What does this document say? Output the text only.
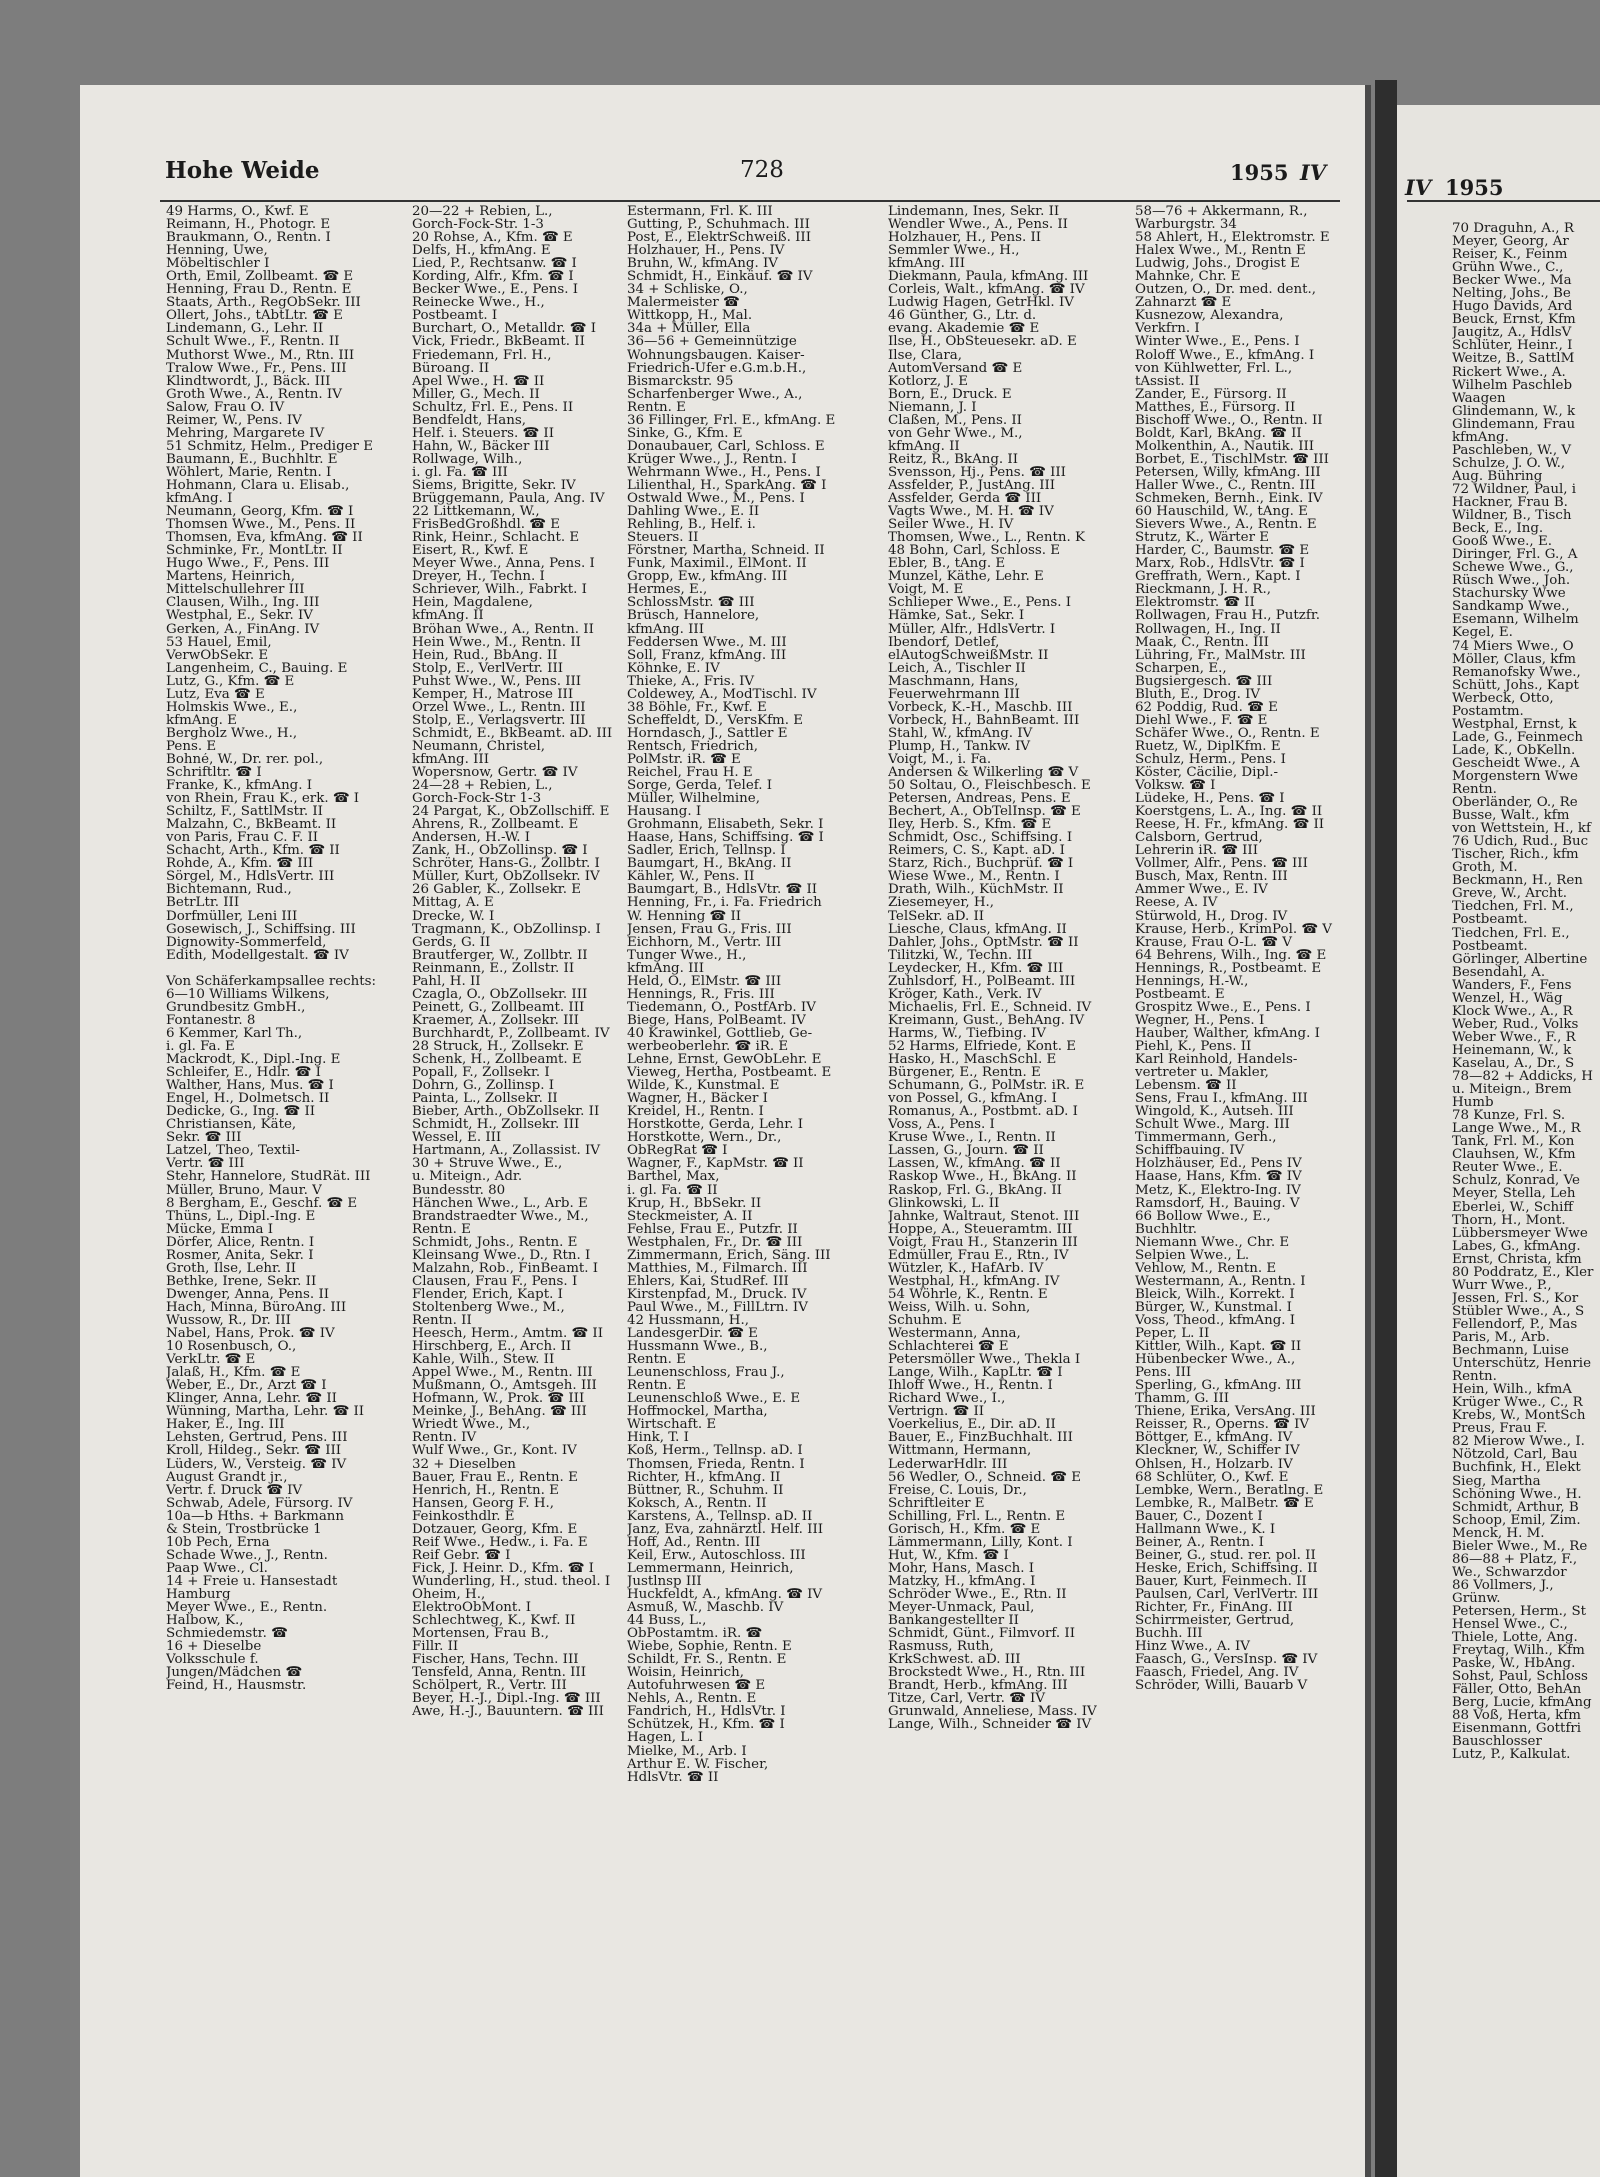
Hohe Weide	728	1955 IV
IV 1955
49 Harms, O., Kwf. E
Reimann, H., Photogr. E
Braukmann, O., Rentn. I
Henning, Uwe,
Möbeltischler I
Orth, Emil, Zollbeamt. ☎ E
Henning, Frau D., Rentn. E
Staats, Arth., RegObSekr. III
Ollert, Johs., tAbtLtr. ☎ E
Lindemann, G., Lehr. II
Schult Wwe., F., Rentn. II
Muthorst Wwe., M., Rtn. III
Tralow Wwe., Fr., Pens. III
Klindtwordt, J., Bäck. III
Groth Wwe., A., Rentn. IV
Salow, Frau O. IV
Reimer, W., Pens. IV
Mehring, Margarete IV
51 Schmitz, Helm., Prediger E
Baumann, E., Buchhltr. E
Wöhlert, Marie, Rentn. I
Hohmann, Clara u. Elisab.,
kfmAng. I
Neumann, Georg, Kfm. ☎ I
Thomsen Wwe., M., Pens. II
Thomsen, Eva, kfmAng. ☎ II
Schminke, Fr., MontLtr. II
Hugo Wwe., F., Pens. III
Martens, Heinrich,
Mittelschullehrer III
Clausen, Wilh., Ing. III
Westphal, E., Sekr. IV
Gerken, A., FinAng. IV
53 Hauel, Emil,
VerwObSekr. E
Langenheim, C., Bauing. E
Lutz, G., Kfm. ☎ E
Lutz, Eva ☎ E
Holmskis Wwe., E.,
kfmAng. E
Bergholz Wwe., H.,
Pens. E
Bohné, W., Dr. rer. pol.,
Schriftltr. ☎ I
Franke, K., kfmAng. I
von Rhein, Frau K., erk. ☎ I
Schiltz, F., SattlMstr. II
Malzahn, C., BkBeamt. II
von Paris, Frau C. F. II
Schacht, Arth., Kfm. ☎ II
Rohde, A., Kfm. ☎ III
Sörgel, M., HdlsVertr. III
Bichtemann, Rud.,
BetrLtr. III
Dorfmüller, Leni III
Gosewisch, J., Schiffsing. III
Dignowity-Sommerfeld,
Edith, Modellgestalt. ☎ IV
Von Schäferkampsallee rechts:
6—10 Williams Wilkens,
Grundbesitz GmbH.,
Fontanestr. 8
6 Kemmer, Karl Th.,
i. gl. Fa. E
Mackrodt, K., Dipl.-Ing. E
Schleifer, E., Hdlr. ☎ I
Walther, Hans, Mus. ☎ I
Engel, H., Dolmetsch. II
Dedicke, G., Ing. ☎ II
Christiansen, Käte,
Sekr. ☎ III
Latzel, Theo, Textil-
Vertr. ☎ III
Stehr, Hannelore, StudRät. III
Müller, Bruno, Maur. V
8 Bergham, E., Geschf. ☎ E
Thüns, L., Dipl.-Ing. E
Mücke, Emma I
Dörfer, Alice, Rentn. I
Rosmer, Anita, Sekr. I
Groth, Ilse, Lehr. II
Bethke, Irene, Sekr. II
Dwenger, Anna, Pens. II
Hach, Minna, BüroAng. III
Wussow, R., Dr. III
Nabel, Hans, Prok. ☎ IV
10 Rosenbusch, O.,
VerkLtr. ☎ E
Jalaß, H., Kfm. ☎ E
Weber, E., Dr., Arzt ☎ I
Klinger, Anna, Lehr. ☎ II
Wünning, Martha, Lehr. ☎ II
Haker, E., Ing. III
Lehsten, Gertrud, Pens. III
Kroll, Hildeg., Sekr. ☎ III
Lüders, W., Versteig. ☎ IV
August Grandt jr.,
Vertr. f. Druck ☎ IV
Schwab, Adele, Fürsorg. IV
10a—b Hths. + Barkmann
& Stein, Trostbrücke 1
10b Pech, Erna
Schade Wwe., J., Rentn.
Paap Wwe., Cl.
14 + Freie u. Hansestadt
Hamburg
Meyer Wwe., E., Rentn.
Halbow, K.,
Schmiedemstr. ☎
16 + Dieselbe
Volksschule f.
Jungen/Mädchen ☎
Feind, H., Hausmstr.
20—22 + Rebien, L.,
Gorch-Fock-Str. 1-3
20 Rohse, A., Kfm. ☎ E
Delfs, H., kfmAng. E
Lied, P., Rechtsanw. ☎ I
Kording, Alfr., Kfm. ☎ I
Becker Wwe., E., Pens. I
Reinecke Wwe., H.,
Postbeamt. I
Burchart, O., Metalldr. ☎ I
Vick, Friedr., BkBeamt. II
Friedemann, Frl. H.,
Büroang. II
Apel Wwe., H. ☎ II
Miller, G., Mech. II
Schultz, Frl. E., Pens. II
Bendfeldt, Hans,
Helf. i. Steuers. ☎ II
Hahn, W., Bäcker III
Rollwage, Wilh.,
i. gl. Fa. ☎ III
Siems, Brigitte, Sekr. IV
Brüggemann, Paula, Ang. IV
22 Littkemann, W.,
FrisBedGroßhdl. ☎ E
Rink, Heinr., Schlacht. E
Eisert, R., Kwf. E
Meyer Wwe., Anna, Pens. I
Dreyer, H., Techn. I
Schriever, Wilh., Fabrkt. I
Hein, Magdalene,
kfmAng. II
Bröhan Wwe., A., Rentn. II
Hein Wwe., M., Rentn. II
Hein, Rud., BbAng. II
Stolp, E., VerlVertr. III
Puhst Wwe., W., Pens. III
Kemper, H., Matrose III
Orzel Wwe., L., Rentn. III
Stolp, E., Verlagsvertr. III
Schmidt, E., BkBeamt. aD. III
Neumann, Christel,
kfmAng. III
Wopersnow, Gertr. ☎ IV
24—28 + Rebien, L.,
Gorch-Fock-Str 1-3
24 Pargat, K., ObZollschiff. E
Ahrens, R., Zollbeamt. E
Andersen, H.-W. I
Zank, H., ObZollinsp. ☎ I
Schröter, Hans-G., Zollbtr. I
Müller, Kurt, ObZollsekr. IV
26 Gabler, K., Zollsekr. E
Mittag, A. E
Drecke, W. I
Tragmann, K., ObZollinsp. I
Gerds, G. II
Brautferger, W., Zollbtr. II
Reinmann, E., Zollstr. II
Pahl, H. II
Czagla, O., ObZollsekr. III
Peinett, G., Zollbeamt. III
Kraemer, A., Zollsekr. III
Burchhardt, P., Zollbeamt. IV
28 Struck, H., Zollsekr. E
Schenk, H., Zollbeamt. E
Popall, F., Zollsekr. I
Dohrn, G., Zollinsp. I
Painta, L., Zollsekr. II
Bieber, Arth., ObZollsekr. II
Schmidt, H., Zollsekr. III
Wessel, E. III
Hartmann, A., Zollassist. IV
30 + Struve Wwe., E.,
u. Miteign., Adr.
Bundesstr. 80
Hänchen Wwe., L., Arb. E
Brandstraedter Wwe., M.,
Rentn. E
Schmidt, Johs., Rentn. E
Kleinsang Wwe., D., Rtn. I
Malzahn, Rob., FinBeamt. I
Clausen, Frau F., Pens. I
Flender, Erich, Kapt. I
Stoltenberg Wwe., M.,
Rentn. II
Heesch, Herm., Amtm. ☎ II
Hirschberg, E., Arch. II
Kahle, Wilh., Stew. II
Appel Wwe., M., Rentn. III
Mußmann, O., Amtsgeh. III
Hofmann, W., Prok. ☎ III
Meinke, J., BehAng. ☎ III
Wriedt Wwe., M.,
Rentn. IV
Wulf Wwe., Gr., Kont. IV
32 + Dieselben
Bauer, Frau E., Rentn. E
Henrich, H., Rentn. E
Hansen, Georg F. H.,
Feinkosthdlr. E
Dotzauer, Georg, Kfm. E
Reif Wwe., Hedw., i. Fa. E
Reif Gebr. ☎ I
Fick, J. Heinr. D., Kfm. ☎ I
Wunderling, H., stud. theol. I
Oheim, H.,
ElektroObMont. I
Schlechtweg, K., Kwf. II
Mortensen, Frau B.,
Fillr. II
Fischer, Hans, Techn. III
Tensfeld, Anna, Rentn. III
Schölpert, R., Vertr. III
Beyer, H.-J., Dipl.-Ing. ☎ III
Awe, H.-J., Bauuntern. ☎ III
Estermann, Frl. K. III
Gutting, P., Schuhmach. III
Post, E., ElektrSchweiß. III
Holzhauer, H., Pens. IV
Bruhn, W., kfmAng. IV
Schmidt, H., Einkäuf. ☎ IV
34 + Schliske, O.,
Malermeister ☎
Wittkopp, H., Mal.
34a + Müller, Ella
36—56 + Gemeinnützige
Wohnungsbaugen. Kaiser-
Friedrich-Ufer e.G.m.b.H.,
Bismarckstr. 95
Scharfenberger Wwe., A.,
Rentn. E
36 Fillinger, Frl. E., kfmAng. E
Sinke, G., Kfm. E
Donaubauer, Carl, Schloss. E
Krüger Wwe., J., Rentn. I
Wehrmann Wwe., H., Pens. I
Lilienthal, H., SparkAng. ☎ I
Ostwald Wwe., M., Pens. I
Dahling Wwe., E. II
Rehling, B., Helf. i.
Steuers. II
Förstner, Martha, Schneid. II
Funk, Maximil., ElMont. II
Gropp, Ew., kfmAng. III
Hermes, E.,
SchlossMstr. ☎ III
Brüsch, Hannelore,
kfmAng. III
Feddersen Wwe., M. III
Soll, Franz, kfmAng. III
Köhnke, E. IV
Thieke, A., Fris. IV
Coldewey, A., ModTischl. IV
38 Böhle, Fr., Kwf. E
Scheffeldt, D., VersKfm. E
Horndasch, J., Sattler E
Rentsch, Friedrich,
PolMstr. iR. ☎ E
Reichel, Frau H. E
Sorge, Gerda, Telef. I
Müller, Wilhelmine,
Hausang. I
Grohmann, Elisabeth, Sekr. I
Haase, Hans, Schiffsing. ☎ I
Sadler, Erich, Tellnsp. I
Baumgart, H., BkAng. II
Kähler, W., Pens. II
Baumgart, B., HdlsVtr. ☎ II
Henning, Fr., i. Fa. Friedrich
W. Henning ☎ II
Jensen, Frau G., Fris. III
Eichhorn, M., Vertr. III
Tunger Wwe., H.,
kfmAng. III
Held, O., ElMstr. ☎ III
Hennings, R., Fris. III
Tiedemann, O., PostfArb. IV
Biege, Hans, PolBeamt. IV
40 Krawinkel, Gottlieb, Ge-
werbeoberlehr. ☎ iR. E
Lehne, Ernst, GewObLehr. E
Vieweg, Hertha, Postbeamt. E
Wilde, K., Kunstmal. E
Wagner, H., Bäcker I
Kreidel, H., Rentn. I
Horstkotte, Gerda, Lehr. I
Horstkotte, Wern., Dr.,
ObRegRat ☎ I
Wagner, F., KapMstr. ☎ II
Barthel, Max,
i. gl. Fa. ☎ II
Krup, H., BbSekr. II
Steckmeister, A. II
Fehlse, Frau E., Putzfr. II
Westphalen, Fr., Dr. ☎ III
Zimmermann, Erich, Säng. III
Matthies, M., Filmarch. III
Ehlers, Kai, StudRef. III
Kirstenpfad, M., Druck. IV
Paul Wwe., M., FillLtrn. IV
42 Hussmann, H.,
LandesgerDir. ☎ E
Hussmann Wwe., B.,
Rentn. E
Leunenschloss, Frau J.,
Rentn. E
Leunenschloß Wwe., E. E
Hoffmockel, Martha,
Wirtschaft. E
Hink, T. I
Koß, Herm., Tellnsp. aD. I
Thomsen, Frieda, Rentn. I
Richter, H., kfmAng. II
Büttner, R., Schuhm. II
Koksch, A., Rentn. II
Karstens, A., Tellnsp. aD. II
Janz, Eva, zahnärztl. Helf. III
Hoff, Ad., Rentn. III
Keil, Erw., Autoschloss. III
Lemmermann, Heinrich,
Justlnsp III
Huckfeldt, A., kfmAng. ☎ IV
Asmuß, W., Maschb. IV
44 Buss, L.,
ObPostamtm. iR. ☎
Wiebe, Sophie, Rentn. E
Schildt, Fr. S., Rentn. E
Woisin, Heinrich,
Autofuhrwesen ☎ E
Nehls, A., Rentn. E
Fandrich, H., HdlsVtr. I
Schützek, H., Kfm. ☎ I
Hagen, L. I
Mielke, M., Arb. I
Arthur E. W. Fischer,
HdlsVtr. ☎ II
Lindemann, Ines, Sekr. II
Wendler Wwe., A., Pens. II
Holzhauer, H., Pens. II
Semmler Wwe., H.,
kfmAng. III
Diekmann, Paula, kfmAng. III
Corleis, Walt., kfmAng. ☎ IV
Ludwig Hagen, GetrHkl. IV
46 Günther, G., Ltr. d.
evang. Akademie ☎ E
Ilse, H., ObSteuesekr. aD. E
Ilse, Clara,
AutomVersand ☎ E
Kotlorz, J. E
Born, E., Druck. E
Niemann, J. I
Claßen, M., Pens. II
von Gehr Wwe., M.,
kfmAng. II
Reitz, R., BkAng. II
Svensson, Hj., Pens. ☎ III
Assfelder, P., JustAng. III
Assfelder, Gerda ☎ III
Vagts Wwe., M. H. ☎ IV
Seiler Wwe., H. IV
Thomsen, Wwe., L., Rentn. K
48 Bohn, Carl, Schloss. E
Ebler, B., tAng. E
Munzel, Käthe, Lehr. E
Voigt, M. E
Schlieper Wwe., E., Pens. I
Hämke, Sat., Sekr. I
Müller, Alfr., HdlsVertr. I
Ibendorf, Detlef,
elAutogSchweißMstr. II
Leich, A., Tischler II
Maschmann, Hans,
Feuerwehrmann III
Vorbeck, K.-H., Maschb. III
Vorbeck, H., BahnBeamt. III
Stahl, W., kfmAng. IV
Plump, H., Tankw. IV
Voigt, M., i. Fa.
Andersen & Wilkerling ☎ V
50 Soltau, O., Fleischbesch. E
Petersen, Andreas, Pens. E
Bechert, A., ObTelInsp. ☎ E
Iley, Herb. S., Kfm. ☎ E
Schmidt, Osc., Schiffsing. I
Reimers, C. S., Kapt. aD. I
Starz, Rich., Buchprüf. ☎ I
Wiese Wwe., M., Rentn. I
Drath, Wilh., KüchMstr. II
Ziesemeyer, H.,
TelSekr. aD. II
Liesche, Claus, kfmAng. II
Dahler, Johs., OptMstr. ☎ II
Tilitzki, W., Techn. III
Leydecker, H., Kfm. ☎ III
Zuhlsdorf, H., PolBeamt. III
Kröger, Kath., Verk. IV
Michaelis, Frl. E., Schneid. IV
Kreimann, Gust., BehAng. IV
Harms, W., Tiefbing. IV
52 Harms, Elfriede, Kont. E
Hasko, H., MaschSchl. E
Bürgener, E., Rentn. E
Schumann, G., PolMstr. iR. E
von Possel, G., kfmAng. I
Romanus, A., Postbmt. aD. I
Voss, A., Pens. I
Kruse Wwe., I., Rentn. II
Lassen, G., Journ. ☎ II
Lassen, W., kfmAng. ☎ II
Raskop Wwe., H., BkAng. II
Raskop, Frl. G., BkAng. II
Glinkowski, L. II
Jahnke, Waltraut, Stenot. III
Hoppe, A., Steueramtm. III
Voigt, Frau H., Stanzerin III
Edmüller, Frau E., Rtn., IV
Wützler, K., HafArb. IV
Westphal, H., kfmAng. IV
54 Wöhrle, K., Rentn. E
Weiss, Wilh. u. Sohn,
Schuhm. E
Westermann, Anna,
Schlachterei ☎ E
Petersmöller Wwe., Thekla I
Lange, Wilh., KapLtr. ☎ I
Ihloff Wwe., H., Rentn. I
Richard Wwe., I.,
Vertrign. ☎ II
Voerkelius, E., Dir. aD. II
Bauer, E., FinzBuchhalt. III
Wittmann, Hermann,
LederwarHdlr. III
56 Wedler, O., Schneid. ☎ E
Freise, C. Louis, Dr.,
Schriftleiter E
Schilling, Frl. L., Rentn. E
Gorisch, H., Kfm. ☎ E
Lämmermann, Lilly, Kont. I
Hut, W., Kfm. ☎ I
Mohr, Hans, Masch. I
Matzky, H., kfmAng. I
Schröder Wwe., E., Rtn. II
Meyer-Unmack, Paul,
Bankangestellter II
Schmidt, Günt., Filmvorf. II
Rasmuss, Ruth,
KrkSchwest. aD. III
Brockstedt Wwe., H., Rtn. III
Brandt, Herb., kfmAng. III
Titze, Carl, Vertr. ☎ IV
Grunwald, Anneliese, Mass. IV
Lange, Wilh., Schneider ☎ IV
58—76 + Akkermann, R.,
Warburgstr. 34
58 Ahlert, H., Elektromstr. E
Halex Wwe., M., Rentn E
Ludwig, Johs., Drogist E
Mahnke, Chr. E
Outzen, O., Dr. med. dent.,
Zahnarzt ☎ E
Kusnezow, Alexandra,
Verkfrn. I
Winter Wwe., E., Pens. I
Roloff Wwe., E., kfmAng. I
von Kühlwetter, Frl. L.,
tAssist. II
Zander, E., Fürsorg. II
Matthes, E., Fürsorg. II
Bischoff Wwe., O., Rentn. II
Boldt, Karl, BkAng. ☎ II
Molkenthin, A., Nautik. III
Borbet, E., TischlMstr. ☎ III
Petersen, Willy, kfmAng. III
Haller Wwe., C., Rentn. III
Schmeken, Bernh., Eink. IV
60 Hauschild, W., tAng. E
Sievers Wwe., A., Rentn. E
Strutz, K., Wärter E
Harder, C., Baumstr. ☎ E
Marx, Rob., HdlsVtr. ☎ I
Greffrath, Wern., Kapt. I
Rieckmann, J. H. R.,
Elektromstr. ☎ II
Rollwagen, Frau H., Putzfr.
Rollwagen, H., Ing. II
Maak, C., Rentn. III
Lühring, Fr., MalMstr. III
Scharpen, E.,
Bugsiergesch. ☎ III
Bluth, E., Drog. IV
62 Poddig, Rud. ☎ E
Diehl Wwe., F. ☎ E
Schäfer Wwe., O., Rentn. E
Ruetz, W., DiplKfm. E
Schulz, Herm., Pens. I
Köster, Cäcilie, Dipl.-
Volksw. ☎ I
Lüdeke, H., Pens. ☎ I
Koerstgens, L. A., Ing. ☎ II
Reese, H. Fr., kfmAng. ☎ II
Calsborn, Gertrud,
Lehrerin iR. ☎ III
Vollmer, Alfr., Pens. ☎ III
Busch, Max, Rentn. III
Ammer Wwe., E. IV
Reese, A. IV
Stürwold, H., Drog. IV
Krause, Herb., KrimPol. ☎ V
Krause, Frau O-L. ☎ V
64 Behrens, Wilh., Ing. ☎ E
Hennings, R., Postbeamt. E
Hennings, H.-W.,
Postbeamt. E
Grospitz Wwe., E., Pens. I
Wegner, H., Pens. I
Hauber, Walther, kfmAng. I
Piehl, K., Pens. II
Karl Reinhold, Handels-
vertreter u. Makler,
Lebensm. ☎ II
Sens, Frau I., kfmAng. III
Wingold, K., Autseh. III
Schult Wwe., Marg. III
Timmermann, Gerh.,
Schiffbauing. IV
Holzhäuser, Ed., Pens IV
Haase, Hans, Kfm. ☎ IV
Metz, K., Elektro-Ing. IV
Ramsdorf, H., Bauing. V
66 Bollow Wwe., E.,
Buchhltr.
Niemann Wwe., Chr. E
Selpien Wwe., L.
Vehlow, M., Rentn. E
Westermann, A., Rentn. I
Bleick, Wilh., Korrekt. I
Bürger, W., Kunstmal. I
Voss, Theod., kfmAng. I
Peper, L. II
Kittler, Wilh., Kapt. ☎ II
Hübenbecker Wwe., A.,
Pens. III
Sperling, G., kfmAng. III
Thamm, G. III
Thiene, Erika, VersAng. III
Reisser, R., Operns. ☎ IV
Böttger, E., kfmAng. IV
Kleckner, W., Schiffer IV
Ohlsen, H., Holzarb. IV
68 Schlüter, O., Kwf. E
Lembke, Wern., Beratlng. E
Lembke, R., MalBetr. ☎ E
Bauer, C., Dozent I
Hallmann Wwe., K. I
Beiner, A., Rentn. I
Beiner, G., stud. rer. pol. II
Heske, Erich, Schiffsing. II
Bauer, Kurt, Feinmech. II
Paulsen, Carl, VerlVertr. III
Richter, Fr., FinAng. III
Schirrmeister, Gertrud,
Buchh. III
Hinz Wwe., A. IV
Faasch, G., VersInsp. ☎ IV
Faasch, Friedel, Ang. IV
Schröder, Willi, Bauarb V
70 Draguhn, A., R
Meyer, Georg, Ar
Reiser, K., Feinm
Grühn Wwe., C.,
Becker Wwe., Ma
Nelting, Johs., Be
Hugo Davids, Ard
Beuck, Ernst, Kfm
Jaugitz, A., HdlsV
Schlüter, Heinr., I
Weitze, B., SattlM
Rickert Wwe., A.
Wilhelm Paschleb
Waagen
Glindemann, W., k
Glindemann, Frau
kfmAng.
Paschleben, W., V
Schulze, J. O. W.,
Aug. Bühring
72 Wildner, Paul, i
Hackner, Frau B.
Wildner, B., Tisch
Beck, E., Ing.
Gooß Wwe., E.
Diringer, Frl. G., A
Schewe Wwe., G.,
Rüsch Wwe., Joh.
Stachursky Wwe
Sandkamp Wwe.,
Esemann, Wilhelm
Kegel, E.
74 Miers Wwe., O
Möller, Claus, kfm
Remanofsky Wwe.,
Schütt, Johs., Kapt
Werbeck, Otto,
Postamtm.
Westphal, Ernst, k
Lade, G., Feinmech
Lade, K., ObKelln.
Gescheidt Wwe., A
Morgenstern Wwe
Rentn.
Oberländer, O., Re
Busse, Walt., kfm
von Wettstein, H., kf
76 Udich, Rud., Buc
Tischer, Rich., kfm
Groth, M.
Beckmann, H., Ren
Greve, W., Archt.
Tiedchen, Frl. M.,
Postbeamt.
Tiedchen, Frl. E.,
Postbeamt.
Görlinger, Albertine
Besendahl, A.
Wanders, F., Fens
Wenzel, H., Wäg
Klock Wwe., A., R
Weber, Rud., Volks
Weber Wwe., F., R
Heinemann, W., k
Kaselau, A., Dr., S
78—82 + Addicks, H
u. Miteign., Brem
Humb
78 Kunze, Frl. S.
Lange Wwe., M., R
Tank, Frl. M., Kon
Clauhsen, W., Kfm
Reuter Wwe., E.
Schulz, Konrad, Ve
Meyer, Stella, Leh
Eberlei, W., Schiff
Thorn, H., Mont.
Lübbersmeyer Wwe
Labes, G., kfmAng.
Ernst, Christa, kfm
80 Poddratz, E., Kler
Wurr Wwe., P.,
Jessen, Frl. S., Kor
Stübler Wwe., A., S
Fellendorf, P., Mas
Paris, M., Arb.
Bechmann, Luise
Unterschütz, Henrie
Rentn.
Hein, Wilh., kfmA
Krüger Wwe., C., R
Krebs, W., MontSch
Preus, Frau F.
82 Mierow Wwe., I.
Nötzold, Carl, Bau
Buchfink, H., Elekt
Sieg, Martha
Schöning Wwe., H.
Schmidt, Arthur, B
Schoop, Emil, Zim.
Menck, H. M.
Bieler Wwe., M., Re
86—88 + Platz, F.,
We., Schwarzdor
86 Vollmers, J.,
Grünw.
Petersen, Herm., St
Hensel Wwe., C.,
Thiele, Lotte, Ang.
Freytag, Wilh., Kfm
Paske, W., HbAng.
Sohst, Paul, Schloss
Fäller, Otto, BehAn
Berg, Lucie, kfmAng
88 Voß, Herta, kfm
Eisenmann, Gottfri
Bauschlosser
Lutz, P., Kalkulat.
